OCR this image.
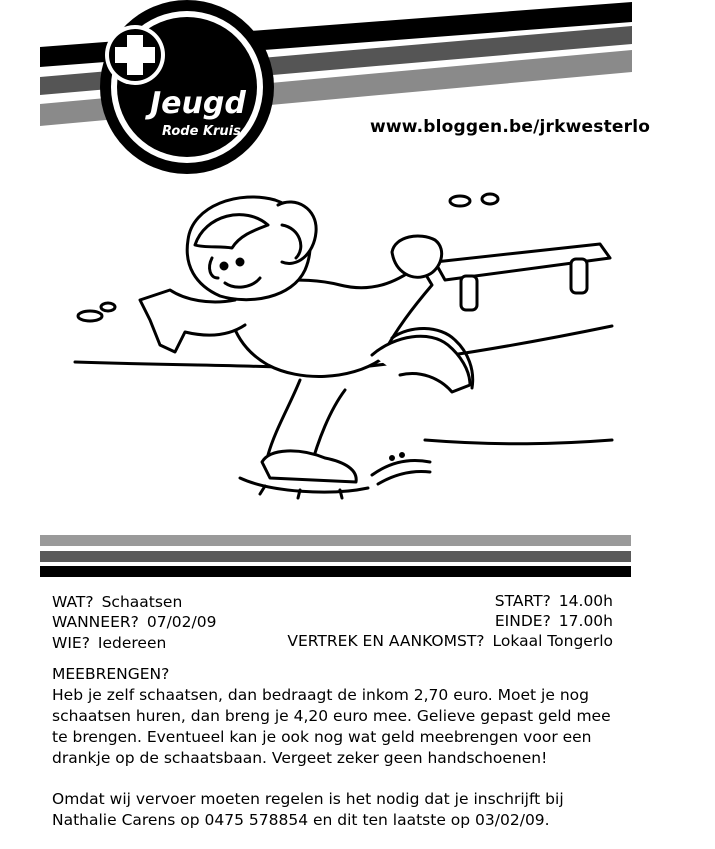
Jeugd
Rode Kruis	www.bloggen.be/jrkwesterlo
WAT? Schaatsen
WANNEER? 07/02/09
WIE? Iedereen
START? 14.00h
EINDE? 17.00h
VERTREK EN AANKOMST? Lokaal Tongerlo
MEEBRENGEN?
Heb je zelf schaatsen, dan bedraagt de inkom 2,70 euro. Moet je nog
schaatsen huren, dan breng je 4,20 euro mee. Gelieve gepast geld mee
te brengen. Eventueel kan je ook nog wat geld meebrengen voor een
drankje op de schaatsbaan. Vergeet zeker geen handschoenen!
Omdat wij vervoer moeten regelen is het nodig dat je inschrijft bij
Nathalie Carens op 0475 578854 en dit ten laatste op 03/02/09.
